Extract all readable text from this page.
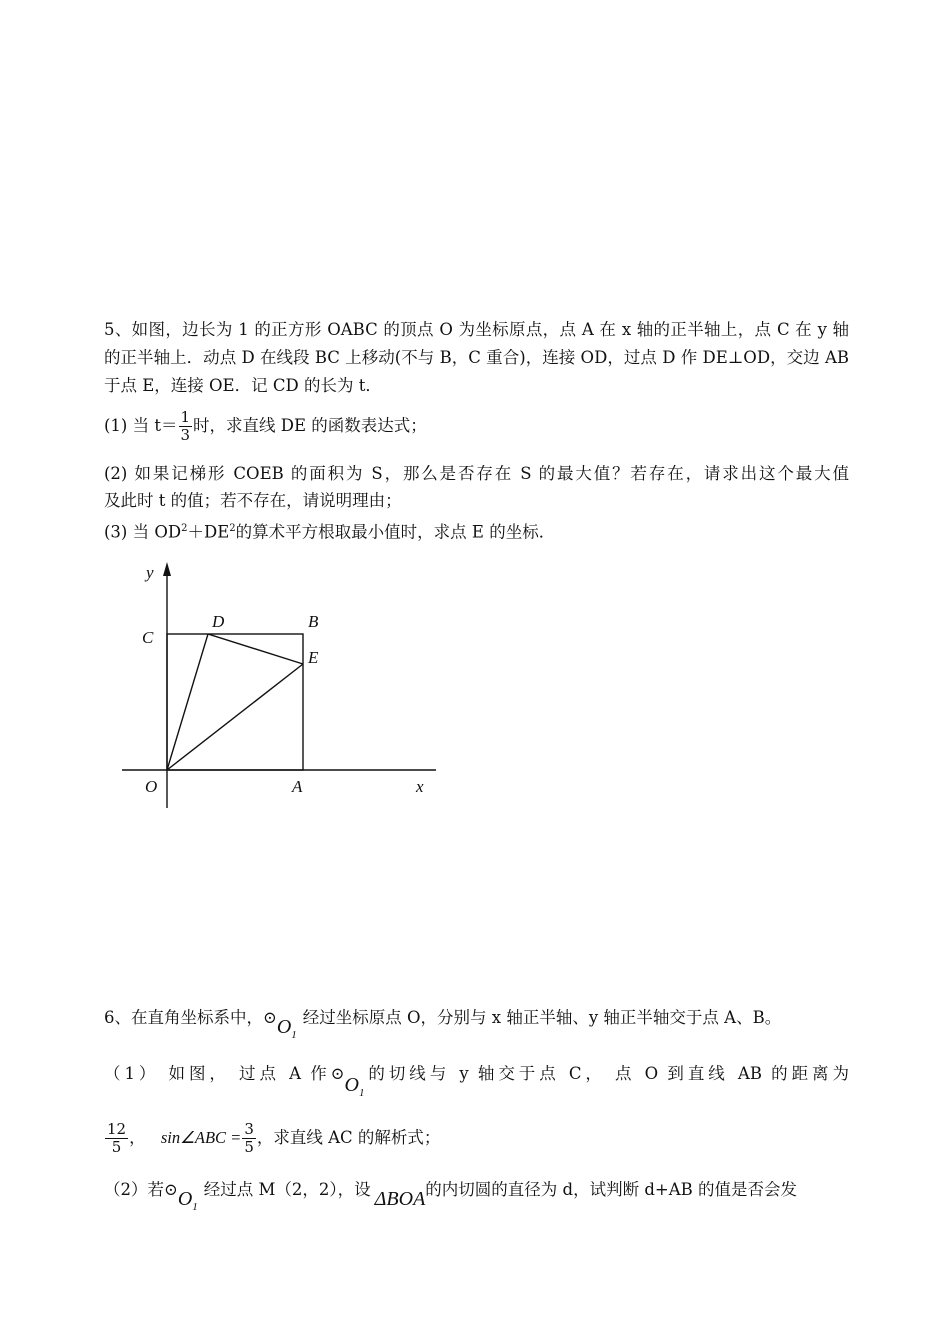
5、如图，边长为 1 的正方形 OABC 的顶点 O 为坐标原点，点 A 在 x 轴的正半轴上，点 C 在 y 轴
的正半轴上．动点 D 在线段 BC 上移动(不与 B，C 重合)，连接 OD，过点 D 作 DE⊥OD，交边 AB
于点 E，连接 OE．记 CD 的长为 t．
(1) 当 $t= \frac{1}{3}$ 时，求直线 DE 的函数表达式；
(2) 如果记梯形 COEB 的面积为 S，那么是否存在 S 的最大值？若存在，请求出这个最大值
及此时 t 的值；若不存在，请说明理由；
(3) 当 $OD^2+DE^2$的算术平方根取最小值时，求点 E 的坐标．
y
C
D	B
E
O	A	x
6、在直角坐标系中，$⊙O_1$经过坐标原点 O，分别与 x 轴正半轴、y 轴正半轴交于点 A、B。
（1） 如图， 过点 A 作$⊙O_1$的切线与 y 轴交于点 C， 点 O 到直线 AB 的距离为
$\frac{12}{5}$ ， sin∠ABC = $\frac{3}{5}$ ，求直线 AC 的解析式；
（2）若$⊙O_1$经过点 M（2，2），设 ΔBOA的内切圆的直径为 d，试判断 d+AB 的值是否会发
